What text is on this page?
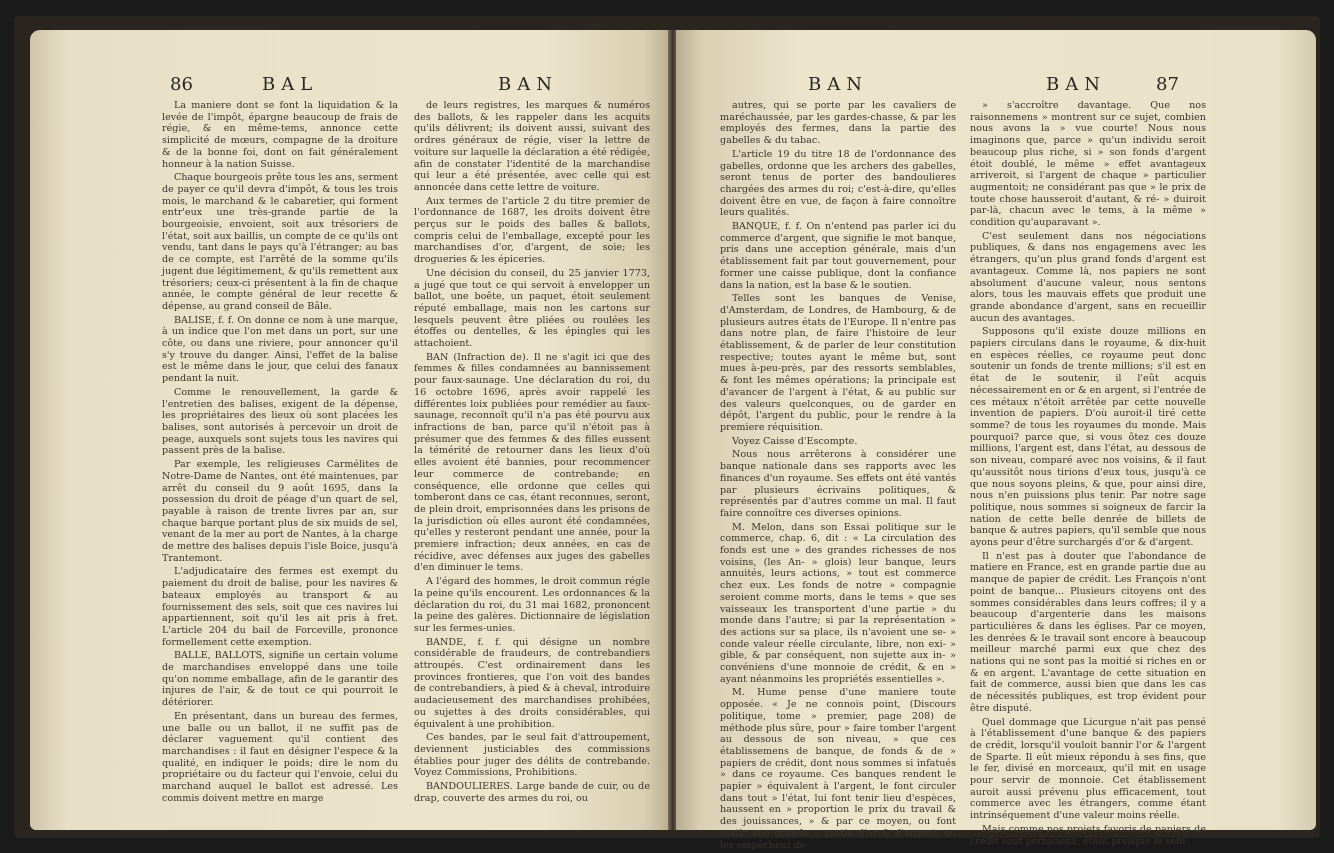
86	BAL	BAN

La maniere dont se font la liquidation & la levée de l'impôt, épargne beaucoup de frais de régie, & en même-tems, annonce cette simplicité de mœurs, compagne de la droiture & de la bonne foi, dont on fait généralement honneur à la nation Suisse.

Chaque bourgeois prête tous les ans, serment de payer ce qu'il devra d'impôt, & tous les trois mois, le marchand & le cabaretier, qui forment entr'eux une très-grande partie de la bourgeoisie, envoient, soit aux trésoriers de l'état, soit aux baillis, un compte de ce qu'ils ont vendu, tant dans le pays qu'à l'étranger; au bas de ce compte, est l'arrêté de la somme qu'ils jugent due légitimement, & qu'ils remettent aux trésoriers; ceux-ci présentent à la fin de chaque année, le compte général de leur recette & dépense, au grand conseil de Bâle.

BALISE, f. f. On donne ce nom à une marque, à un indice que l'on met dans un port, sur une côte, ou dans une riviere, pour annoncer qu'il s'y trouve du danger. Ainsi, l'effet de la balise est le même dans le jour, que celui des fanaux pendant la nuit.

Comme le renouvellement, la garde & l'entretien des balises, exigent de la dépense, les propriétaires des lieux où sont placées les balises, sont autorisés à percevoir un droit de peage, auxquels sont sujets tous les navires qui passent près de la balise.

Par exemple, les religieuses Carmélites de Notre-Dame de Nantes, ont été maintenues, par arrêt du conseil du 9 août 1695, dans la possession du droit de péage d'un quart de sel, payable à raison de trente livres par an, sur chaque barque portant plus de six muids de sel, venant de la mer au port de Nantes, à la charge de mettre des balises depuis l'isle Boice, jusqu'à Trantemont.

L'adjudicataire des fermes est exempt du paiement du droit de balise, pour les navires & bateaux employés au transport & au fournissement des sels, soit que ces navires lui appartiennent, soit qu'il les ait pris à fret. L'article 204 du bail de Forceville, prononce formellement cette exemption.

BALLE, BALLOTS, signifie un certain volume de marchandises enveloppé dans une toile qu'on nomme emballage, afin de le garantir des injures de l'air, & de tout ce qui pourroit le détériorer.

En présentant, dans un bureau des fermes, une balle ou un ballot, il ne suffit pas de déclarer vaguement qu'il contient des marchandises : il faut en désigner l'espece & la qualité, en indiquer le poids; dire le nom du propriétaire ou du facteur qui l'envoie, celui du marchand auquel le ballot est adressé. Les commis doivent mettre en marge

de leurs registres, les marques & numéros des ballots, & les rappeler dans les acquits qu'ils délivrent; ils doivent aussi, suivant des ordres généraux de régie, viser la lettre de voiture sur laquelle la déclaration a été rédigée, afin de constater l'identité de la marchandise qui leur a été présentée, avec celle qui est annoncée dans cette lettre de voiture.

Aux termes de l'article 2 du titre premier de l'ordonnance de 1687, les droits doivent être perçus sur le poids des balles & ballots, compris celui de l'emballage, excepté pour les marchandises d'or, d'argent, de soie; les drogueries & les épiceries.

Une décision du conseil, du 25 janvier 1773, a jugé que tout ce qui servoit à envelopper un ballot, une boête, un paquet, étoit seulement réputé emballage, mais non les cartons sur lesquels peuvent être pliées ou roulées les étoffes ou dentelles, & les épingles qui les attachoient.

BAN (Infraction de). Il ne s'agit ici que des femmes & filles condamnées au bannissement pour faux-saunage. Une déclaration du roi, du 16 octobre 1696, après avoir rappelé les différentes loix publiées pour remédier au faux-saunage, reconnoît qu'il n'a pas été pourvu aux infractions de ban, parce qu'il n'étoit pas à présumer que des femmes & des filles eussent la témérité de retourner dans les lieux d'où elles avoient été bannies, pour recommencer leur commerce de contrebande; en conséquence, elle ordonne que celles qui tomberont dans ce cas, étant reconnues, seront, de plein droit, emprisonnées dans les prisons de la jurisdiction où elles auront été condamnées, qu'elles y resteront pendant une année, pour la premiere infraction; deux années, en cas de récidive, avec défenses aux juges des gabelles d'en diminuer le tems.

A l'égard des hommes, le droit commun régle la peine qu'ils encourent. Les ordonnances & la déclaration du roi, du 31 mai 1682, prononcent la peine des galères. Dictionnaire de législation sur les fermes-unies.

BANDE, f. f. qui désigne un nombre considérable de fraudeurs, de contrebandiers attroupés. C'est ordinairement dans les provinces frontieres, que l'on voit des bandes de contrebandiers, à pied & à cheval, introduire audacieusement des marchandises prohibées, ou sujettes à des droits considérables, qui équivalent à une prohibition.

Ces bandes, par le seul fait d'attroupement, deviennent justiciables des commissions établies pour juger des délits de contrebande. Voyez Commissions, Prohibitions.

BANDOULIERES. Large bande de cuir, ou de drap, couverte des armes du roi, ou

BAN	BAN	87

autres, qui se porte par les cavaliers de maréchaussée, par les gardes-chasse, & par les employés des fermes, dans la partie des gabelles & du tabac.

L'article 19 du titre 18 de l'ordonnance des gabelles, ordonne que les archers des gabelles, seront tenus de porter des bandoulieres chargées des armes du roi; c'est-à-dire, qu'elles doivent être en vue, de façon à faire connoître leurs qualités.

BANQUE, f. f. On n'entend pas parler ici du commerce d'argent, que signifie le mot banque, pris dans une acception générale, mais d'un établissement fait par tout gouvernement, pour former une caisse publique, dont la confiance dans la nation, est la base & le soutien.

Telles sont les banques de Venise, d'Amsterdam, de Londres, de Hambourg, & de plusieurs autres états de l'Europe. Il n'entre pas dans notre plan, de faire l'histoire de leur établissement, & de parler de leur constitution respective; toutes ayant le même but, sont mues à-peu-près, par des ressorts semblables, & font les mêmes opérations; la principale est d'avancer de l'argent à l'état, & au public sur des valeurs quelconques, ou de garder en dépôt, l'argent du public, pour le rendre à la premiere réquisition.

Voyez Caisse d'Escompte.

Nous nous arrêterons à considérer une banque nationale dans ses rapports avec les finances d'un royaume. Ses effets ont été vantés par plusieurs écrivains politiques, & représentés par d'autres comme un mal. Il faut faire connoître ces diverses opinions.

M. Melon, dans son Essai politique sur le commerce, chap. 6, dit : « La circulation des fonds est une » des grandes richesses de nos voisins, (les An- » glois) leur banque, leurs annuités, leurs actions, » tout est commerce chez eux. Les fonds de notre » compagnie seroient comme morts, dans le tems » que ses vaisseaux les transportent d'une partie » du monde dans l'autre; si par la représentation » des actions sur sa place, ils n'avoient une se- » conde valeur réelle circulante, libre, non exi- » gible, & par conséquent, non sujette aux in- » convéniens d'une monnoie de crédit, & en » ayant néanmoins les propriétés essentielles ».

M. Hume pense d'une maniere toute opposée. « Je ne connois point, (Discours politique, tome » premier, page 208) de méthode plus sûre, pour » faire tomber l'argent au dessous de son niveau, » que ces établissemens de banque, de fonds & de » papiers de crédit, dont nous sommes si infatués » dans ce royaume. Ces banques rendent le papier » équivalent à l'argent, le font circuler dans tout » l'état, lui font tenir lieu d'espèces, haussent en » proportion le prix du travail & des jouissances, » & par ce moyen, ou font sortir une grande » partie d'or & d'argent, ou les empêchent de

» s'accroître davantage. Que nos raisonnemens » montrent sur ce sujet, combien nous avons la » vue courte! Nous nous imaginons que, parce » qu'un individu seroit beaucoup plus riche, si » son fonds d'argent étoit doublé, le même » effet avantageux arriveroit, si l'argent de chaque » particulier augmentoit; ne considérant pas que » le prix de toute chose hausseroit d'autant, & ré- » duiroit par-là, chacun avec le tems, à la même » condition qu'auparavant ».

C'est seulement dans nos négociations publiques, & dans nos engagemens avec les étrangers, qu'un plus grand fonds d'argent est avantageux. Comme là, nos papiers ne sont absolument d'aucune valeur, nous sentons alors, tous les mauvais effets que produit une grande abondance d'argent, sans en recueillir aucun des avantages.

Supposons qu'il existe douze millions en papiers circulans dans le royaume, & dix-huit en espèces réelles, ce royaume peut donc soutenir un fonds de trente millions; s'il est en état de le soutenir, il l'eût acquis nécessairement en or & en argent, si l'entrée de ces métaux n'étoit arrêtée par cette nouvelle invention de papiers. D'où auroit-il tiré cette somme? de tous les royaumes du monde. Mais pourquoi? parce que, si vous ôtez ces douze millions, l'argent est, dans l'état, au dessous de son niveau, comparé avec nos voisins, & il faut qu'aussitôt nous tirions d'eux tous, jusqu'à ce que nous soyons pleins, & que, pour ainsi dire, nous n'en puissions plus tenir. Par notre sage politique, nous sommes si soigneux de farcir la nation de cette belle denrée de billets de banque & autres papiers, qu'il semble que nous ayons peur d'être surchargés d'or & d'argent.

Il n'est pas à douter que l'abondance de matiere en France, est en grande partie due au manque de papier de crédit. Les François n'ont point de banque... Plusieurs citoyens ont des sommes considérables dans leurs coffres; il y a beaucoup d'argenterie dans les maisons particulières & dans les églises. Par ce moyen, les denrées & le travail sont encore à beaucoup meilleur marché parmi eux que chez des nations qui ne sont pas la moitié si riches en or & en argent. L'avantage de cette situation en fait de commerce, aussi bien que dans les cas de nécessités publiques, est trop évident pour être disputé.

Quel dommage que Licurgue n'ait pas pensé à l'établissement d'une banque & des papiers de crédit, lorsqu'il vouloit bannir l'or & l'argent de Sparte. Il eût mieux répondu à ses fins, que le fer, divisé en morceaux, qu'il mit en usage pour servir de monnoie. Cet établissement auroit aussi prévenu plus efficacement, tout commerce avec les étrangers, comme étant intrinséquement d'une valeur moins réelle.

Mais comme nos projets favoris de papiers de crédit sont pernicieux, étant presque le seul
